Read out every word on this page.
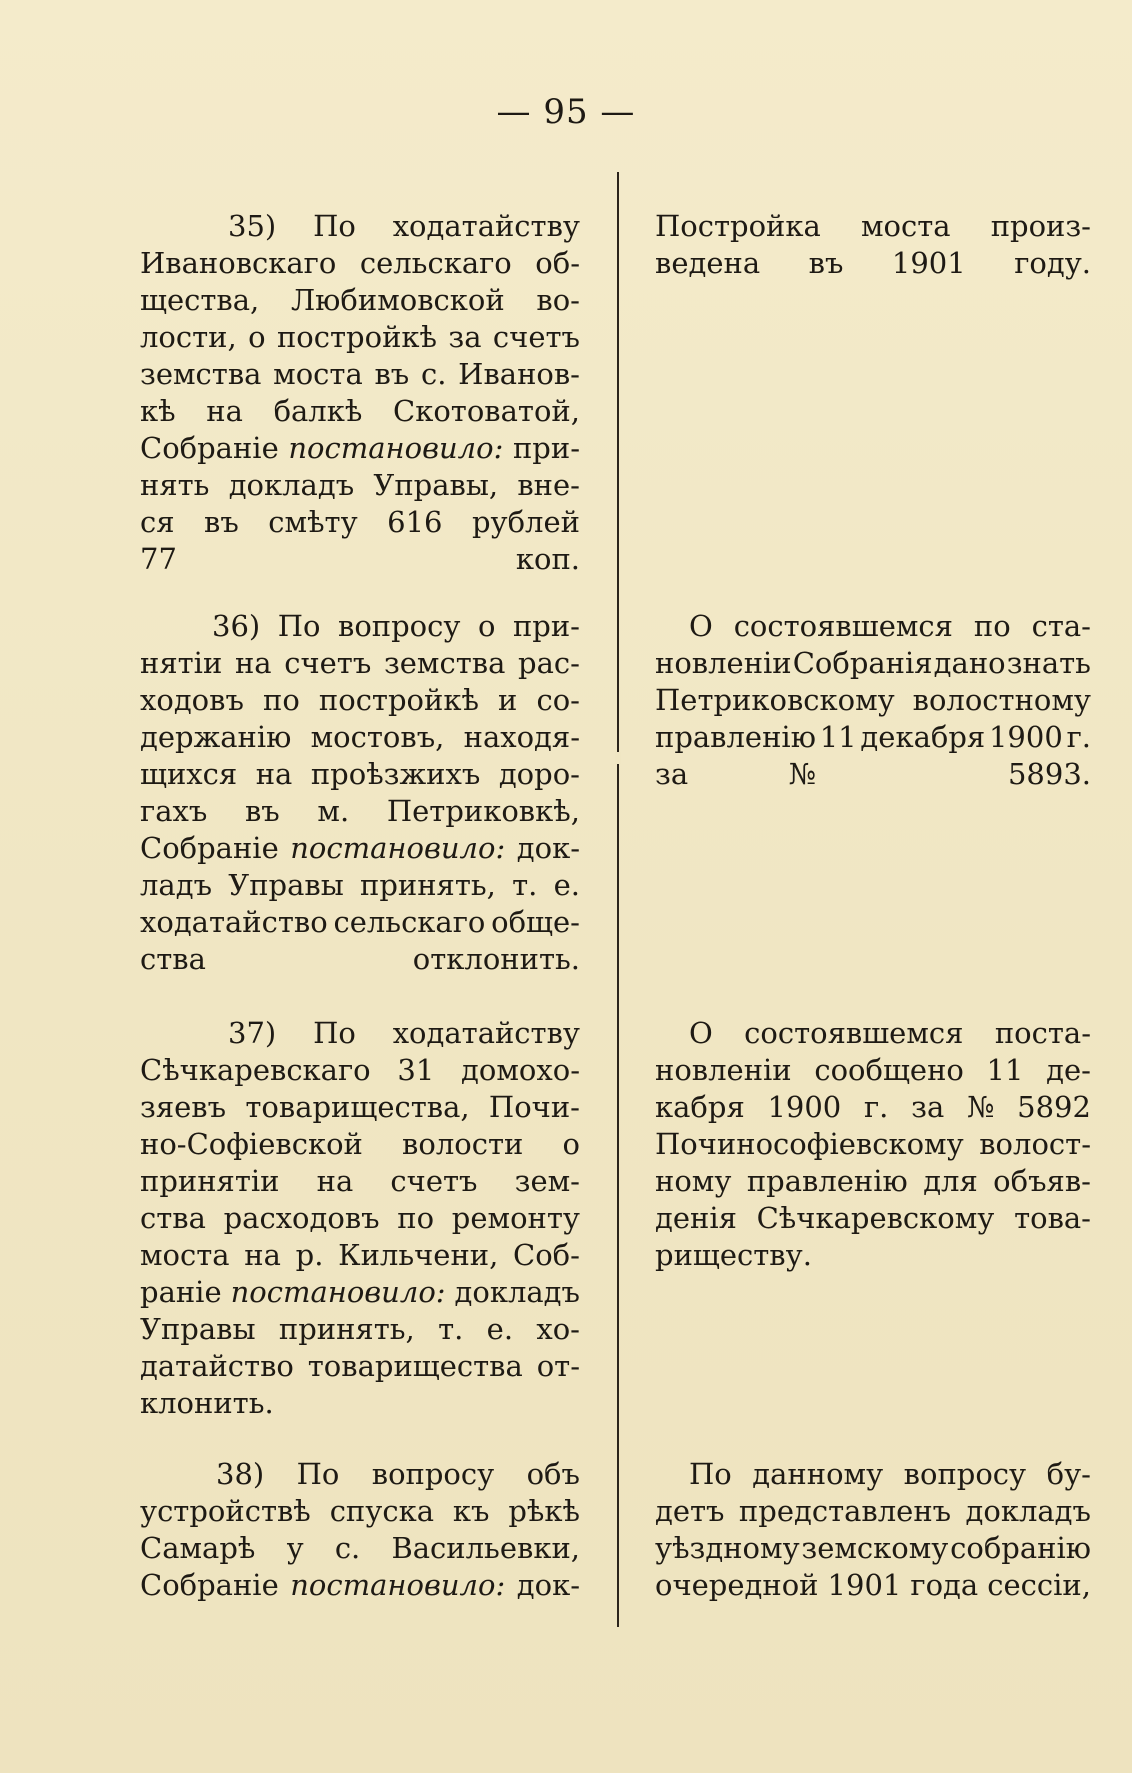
— 95 —
35) По ходатайству
Ивановскаго сельскаго об-
щества, Любимовской во-
лости, о постройкѣ за счетъ
земства моста въ с. Иванов-
кѣ на балкѣ Скотоватой,
Собраніе постановило: при-
нять докладъ Управы, вне-
ся въ смѣту 616 рублей
77 коп.
Постройка моста произ-
ведена въ 1901 году.
36) По вопросу о при-
нятіи на счетъ земства рас-
ходовъ по постройкѣ и со-
держанію мостовъ, находя-
щихся на проѣзжихъ доро-
гахъ въ м. Петриковкѣ,
Собраніе постановило: док-
ладъ Управы принять, т. е.
ходатайство сельскаго обще-
ства отклонить.
О состоявшемся по ста-
новленіи Собранія дано знать
Петриковскому волостному
правленію 11 декабря 1900 г.
за № 5893.
37) По ходатайству
Сѣчкаревскаго 31 домохо-
зяевъ товарищества, Почи-
но-Софіевской волости о
принятіи на счетъ зем-
ства расходовъ по ремонту
моста на р. Кильчени, Соб-
раніе постановило: докладъ
Управы принять, т. е. хо-
датайство товарищества от-
клонить.
О состоявшемся поста-
новленіи сообщено 11 де-
кабря 1900 г. за № 5892
Починософіевскому волост-
ному правленію для объяв-
денія Сѣчкаревскому това-
риществу.
38) По вопросу объ
устройствѣ спуска къ рѣкѣ
Самарѣ у с. Васильевки,
Собраніе постановило: док-
По данному вопросу бу-
детъ представленъ докладъ
уѣздному земскому собранію
очередной 1901 года сессіи,
